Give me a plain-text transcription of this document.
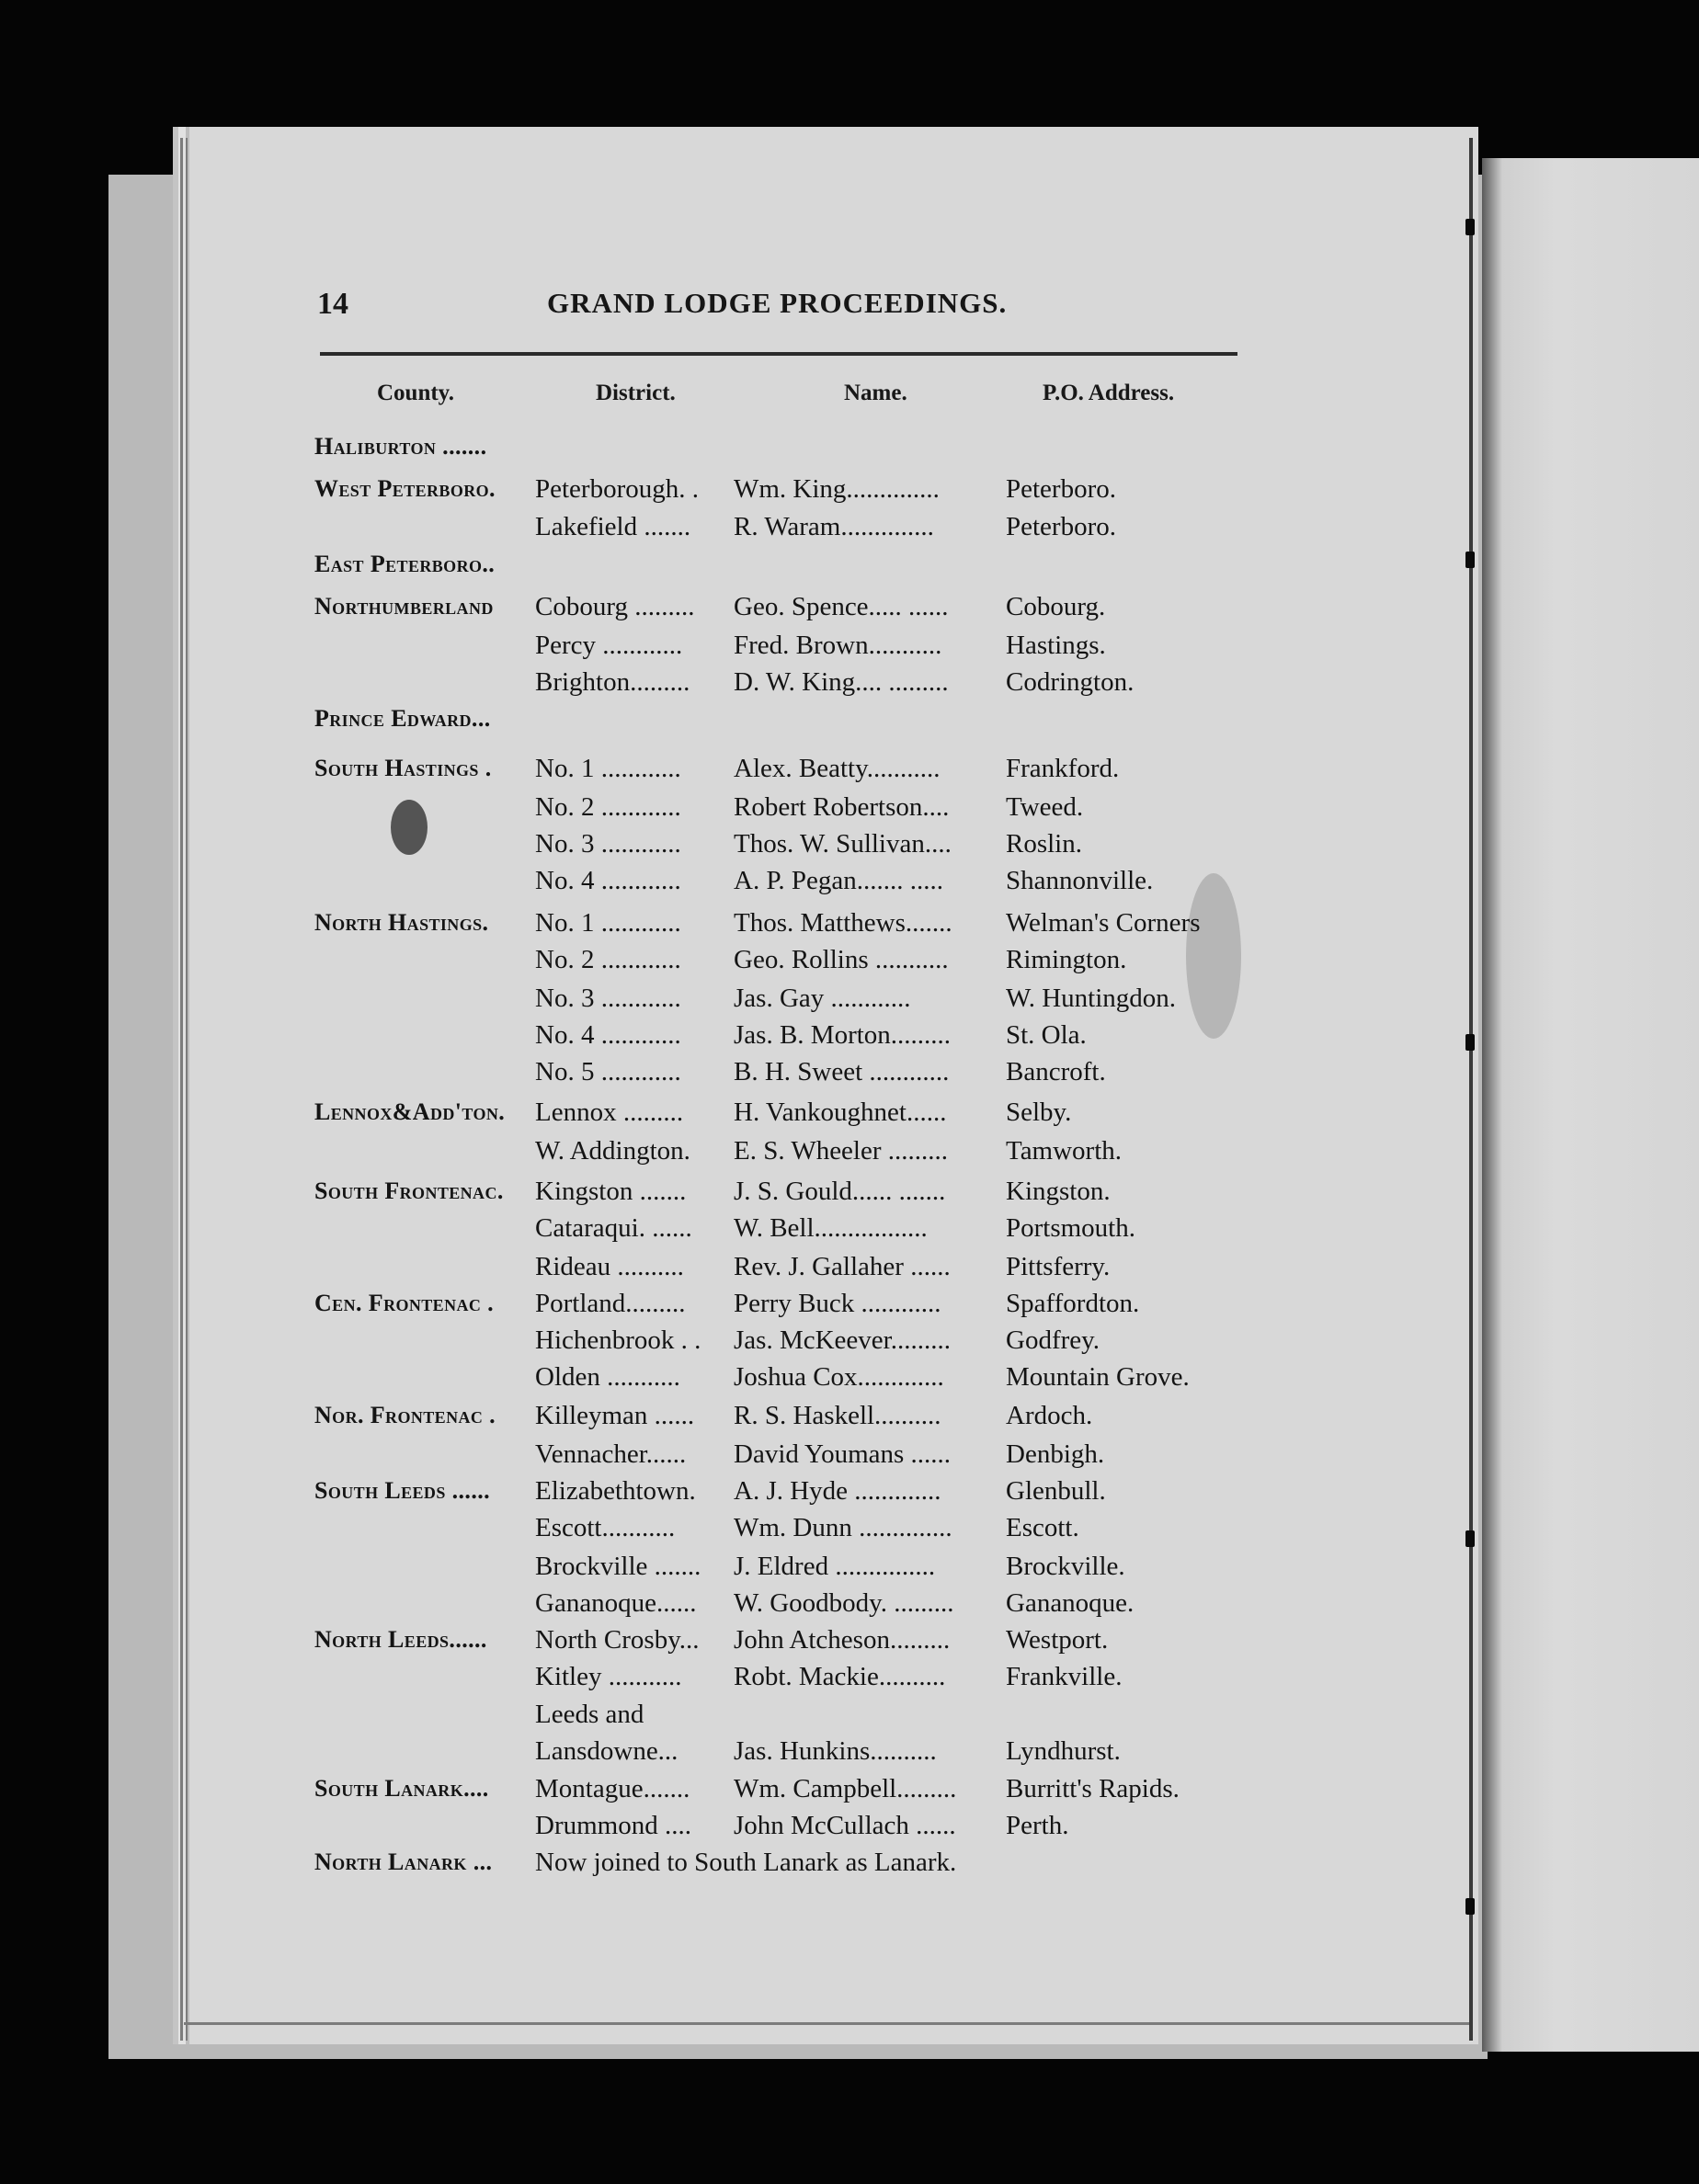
14	GRAND LODGE PROCEEDINGS.
County.	District.	Name.	P.O. Address.
Haliburton .......
West Peterboro. Peterborough. . Wm. King.............. Peterboro.
Lakefield ....... R. Waram..............	Peterboro.
East Peterboro..
Northumberland Cobourg ......... Geo. Spence..... ...... Cobourg.
Percy ............ Fred. Brown........... Hastings.
Brighton......... D. W. King.... ......... Codrington.
Prince Edward...
South Hastings . No. 1 ............ Alex. Beatty........... Frankford.
No. 2 ............ Robert Robertson.... Tweed.
No. 3 ............ Thos. W. Sullivan.... Roslin.
No. 4 ............ A. P. Pegan....... ..... Shannonville.
North Hastings. No. 1 ............ Thos. Matthews....... Welman's Corners
No. 2 ............ Geo. Rollins ........... Rimington.
No. 3 ............ Jas. Gay ............	W. Huntingdon.
No. 4 ............ Jas. B. Morton......... St. Ola.
No. 5 ............ B. H. Sweet ............ Bancroft.
Lennox&Add'ton. Lennox ......... H. Vankoughnet...... Selby.
W. Addington. E. S. Wheeler ......... Tamworth.
South Frontenac. Kingston ....... J. S. Gould...... ....... Kingston.
Cataraqui. ...... W. Bell.................	Portsmouth.
Rideau .......... Rev. J. Gallaher ...... Pittsferry.
Cen. Frontenac . Portland......... Perry Buck ............ Spaffordton.
Hichenbrook . . Jas. McKeever......... Godfrey.
Olden ........... Joshua Cox............. Mountain Grove.
Nor. Frontenac . Killeyman ...... R. S. Haskell.......... Ardoch.
Vennacher...... David Youmans ...... Denbigh.
South Leeds ...... Elizabethtown. A. J. Hyde ............. Glenbull.
Escott........... Wm. Dunn .............. Escott.
Brockville ....... J. Eldred ...............	Brockville.
Gananoque...... W. Goodbody. ......... Gananoque.
North Leeds...... North Crosby... John Atcheson......... Westport.
Kitley ........... Robt. Mackie.......... Frankville.
Leeds and
Lansdowne... Jas. Hunkins..........	Lyndhurst.
South Lanark.... Montague....... Wm. Campbell......... Burritt's Rapids.
Drummond .... John McCullach ...... Perth.
North Lanark ... Now joined to South Lanark as Lanark.
